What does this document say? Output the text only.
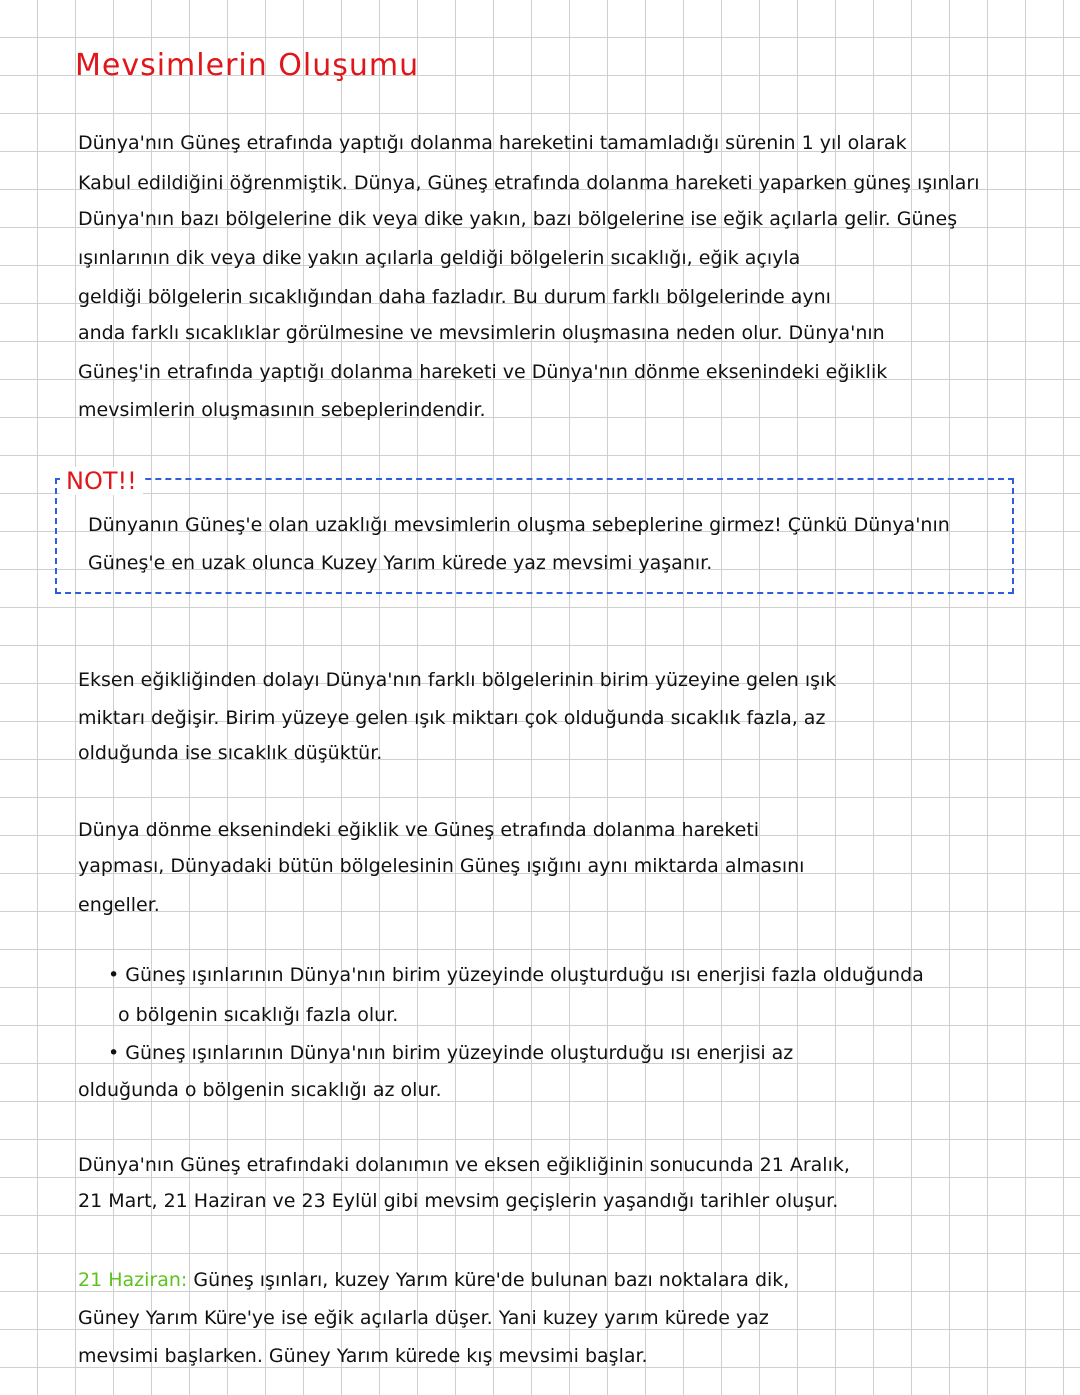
Mevsimlerin Oluşumu
Dünya'nın Güneş etrafında yaptığı dolanma hareketini tamamladığı sürenin 1 yıl olarak
Kabul edildiğini öğrenmiştik. Dünya, Güneş etrafında dolanma hareketi yaparken güneş ışınları
Dünya'nın bazı bölgelerine dik veya dike yakın, bazı bölgelerine ise eğik açılarla gelir. Güneş
ışınlarının dik veya dike yakın açılarla geldiği bölgelerin sıcaklığı, eğik açıyla
geldiği bölgelerin sıcaklığından daha fazladır. Bu durum farklı bölgelerinde aynı
anda farklı sıcaklıklar görülmesine ve mevsimlerin oluşmasına neden olur. Dünya'nın
Güneş'in etrafında yaptığı dolanma hareketi ve Dünya'nın dönme eksenindeki eğiklik
mevsimlerin oluşmasının sebeplerindendir.
NOT!!
Dünyanın Güneş'e olan uzaklığı mevsimlerin oluşma sebeplerine girmez! Çünkü Dünya'nın
Güneş'e en uzak olunca Kuzey Yarım kürede yaz mevsimi yaşanır.
Eksen eğikliğinden dolayı Dünya'nın farklı bölgelerinin birim yüzeyine gelen ışık
miktarı değişir. Birim yüzeye gelen ışık miktarı çok olduğunda sıcaklık fazla, az
olduğunda ise sıcaklık düşüktür.
Dünya dönme eksenindeki eğiklik ve Güneş etrafında dolanma hareketi
yapması, Dünyadaki bütün bölgelesinin Güneş ışığını aynı miktarda almasını
engeller.
• Güneş ışınlarının Dünya'nın birim yüzeyinde oluşturduğu ısı enerjisi fazla olduğunda
o bölgenin sıcaklığı fazla olur.
• Güneş ışınlarının Dünya'nın birim yüzeyinde oluşturduğu ısı enerjisi az
olduğunda o bölgenin sıcaklığı az olur.
Dünya'nın Güneş etrafındaki dolanımın ve eksen eğikliğinin sonucunda 21 Aralık,
21 Mart, 21 Haziran ve 23 Eylül gibi mevsim geçişlerin yaşandığı tarihler oluşur.
21 Haziran: Güneş ışınları, kuzey Yarım küre'de bulunan bazı noktalara dik,
Güney Yarım Küre'ye ise eğik açılarla düşer. Yani kuzey yarım kürede yaz
mevsimi başlarken. Güney Yarım kürede kış mevsimi başlar.
